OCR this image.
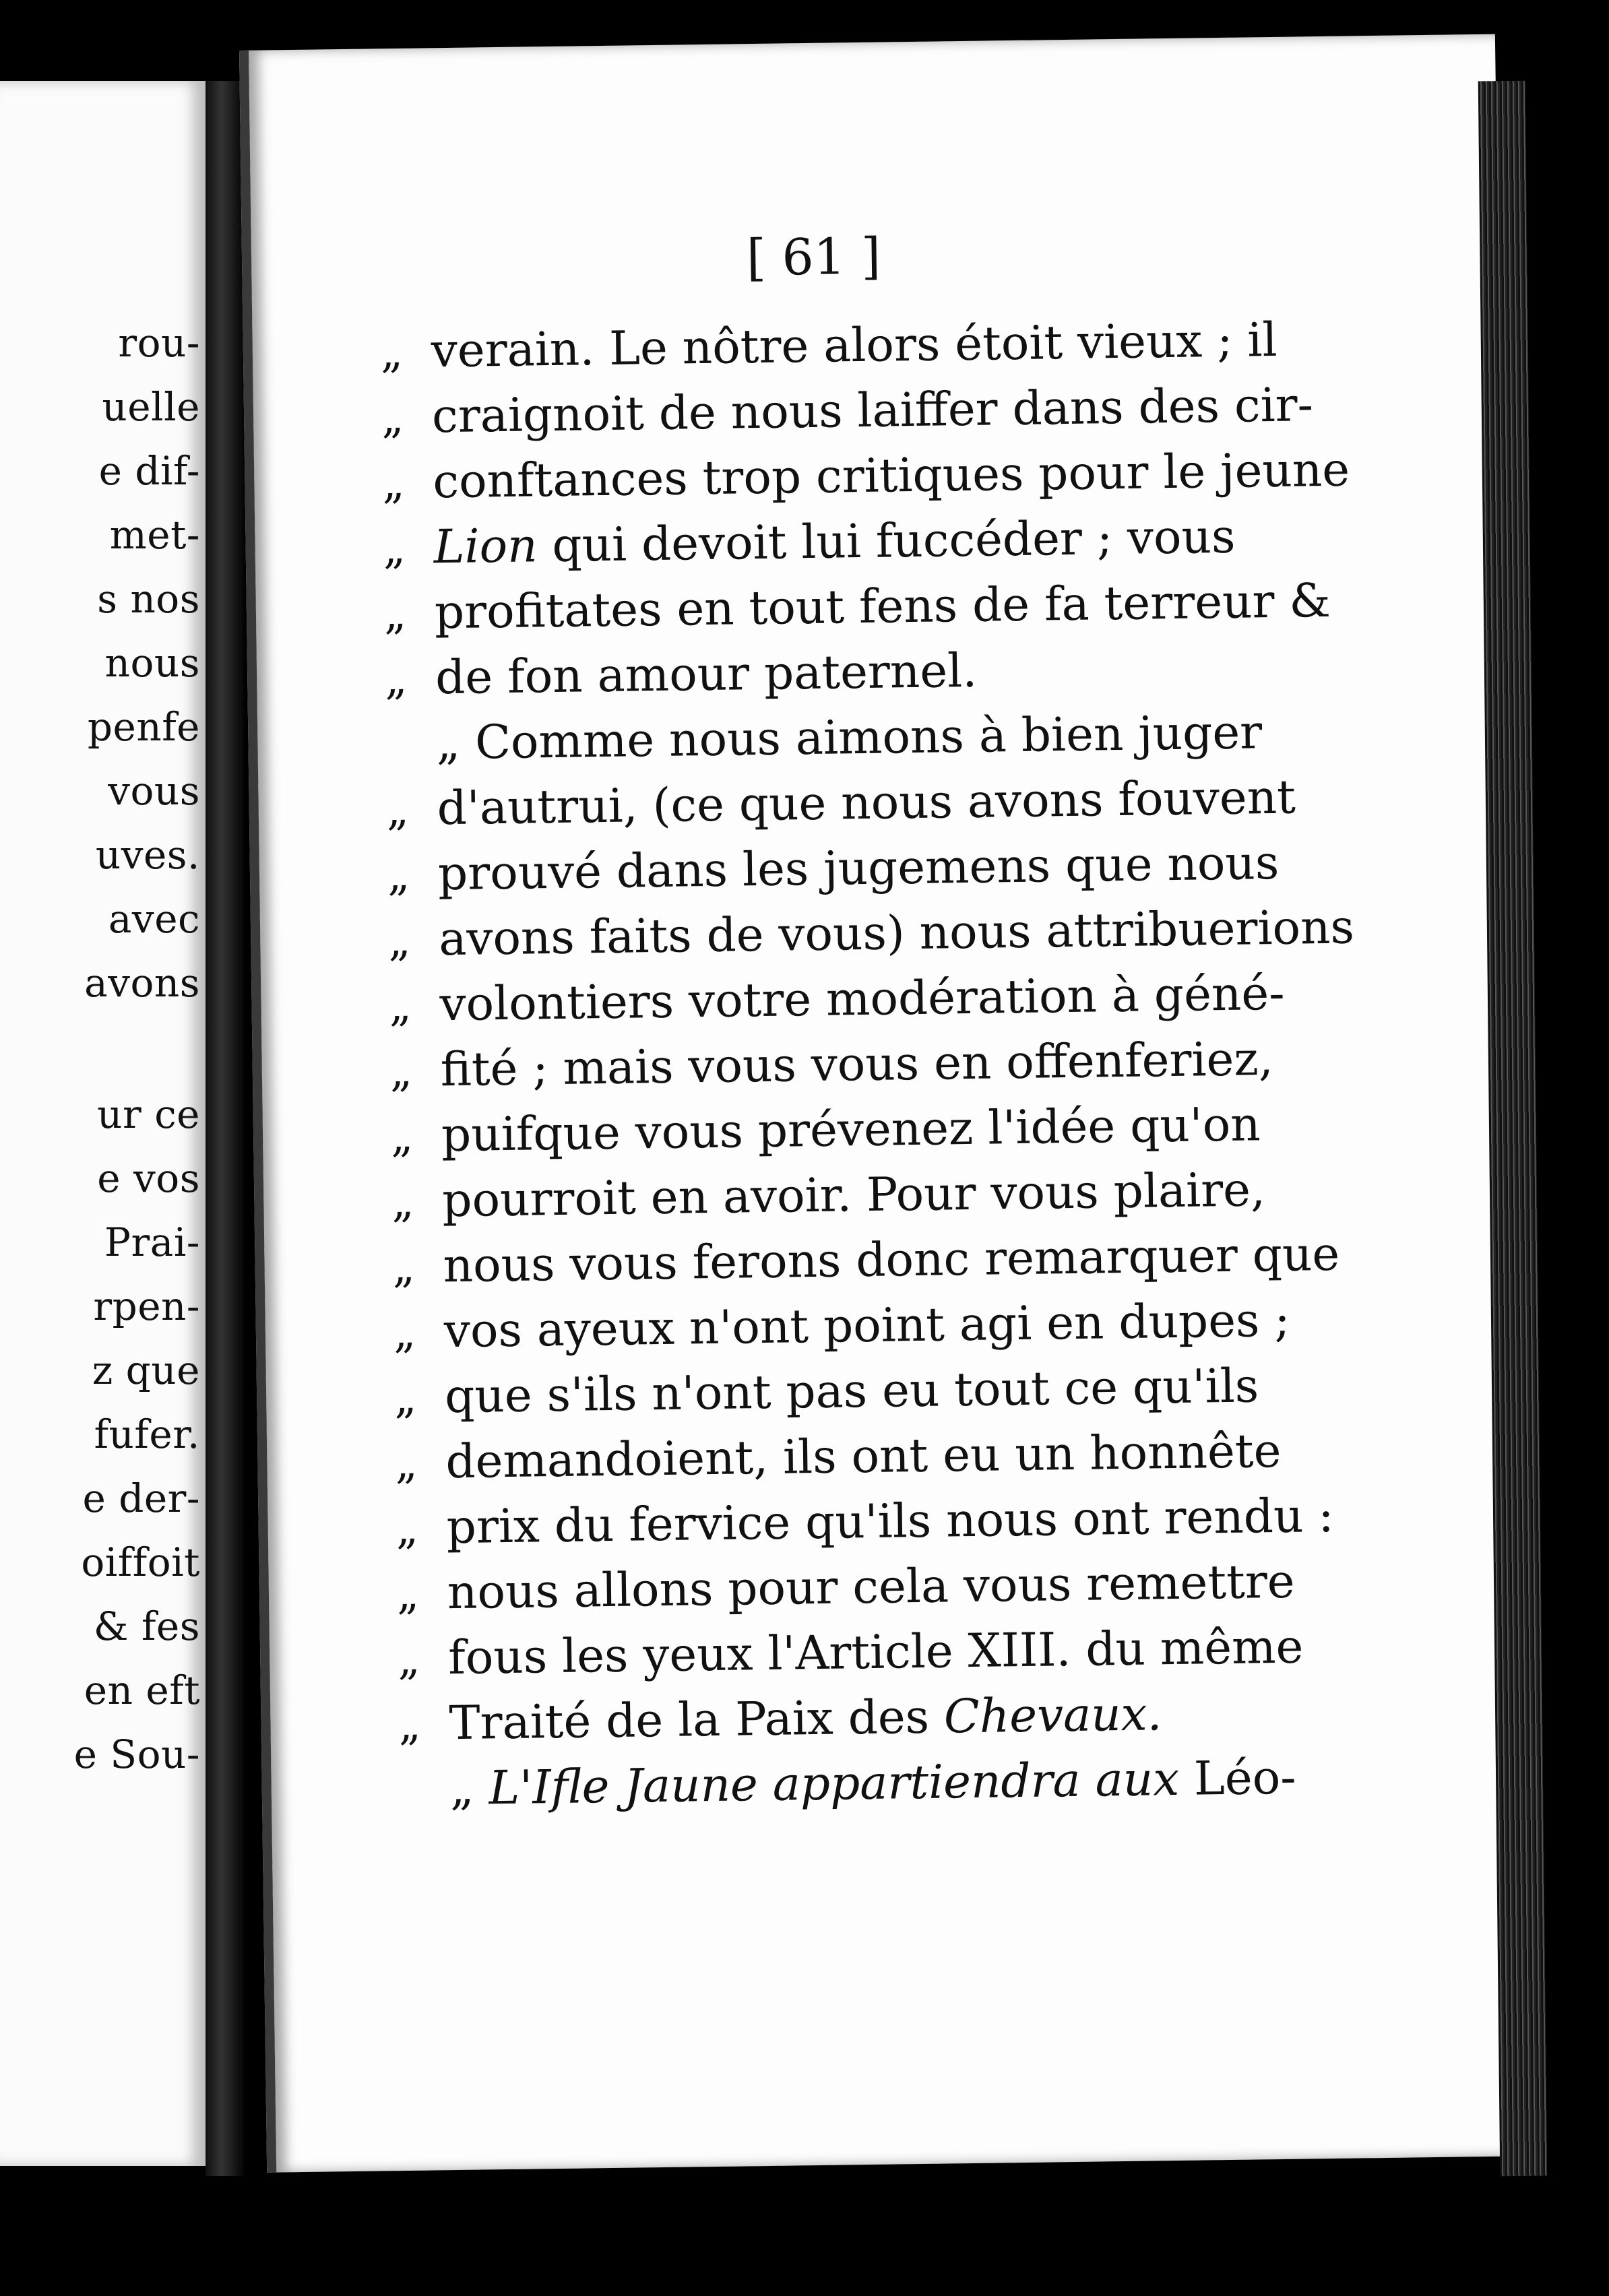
rou-
uelle
e dif-
met-
s nos
nous
penfe
vous
uves.
avec
avons
ur ce
e vos
Prai-
rpen-
z que
fufer.
e der-
oiffoit
& fes
en eft
e Sou-
[ 61 ]
„ verain. Le nôtre alors étoit vieux ; il
„ craignoit de nous laiffer dans des cir-
„ conftances trop critiques pour le jeune
„ Lion qui devoit lui fuccéder ; vous
„ profitates en tout fens de fa terreur &
„ de fon amour paternel.
„ Comme nous aimons à bien juger
„ d'autrui, (ce que nous avons fouvent
„ prouvé dans les jugemens que nous
„ avons faits de vous) nous attribuerions
„ volontiers votre modération à géné-
„ fité ; mais vous vous en offenferiez,
„ puifque vous prévenez l'idée qu'on
„ pourroit en avoir. Pour vous plaire,
„ nous vous ferons donc remarquer que
„ vos ayeux n'ont point agi en dupes ;
„ que s'ils n'ont pas eu tout ce qu'ils
„ demandoient, ils ont eu un honnête
„ prix du fervice qu'ils nous ont rendu :
„ nous allons pour cela vous remettre
„ fous les yeux l'Article XIII. du même
„ Traité de la Paix des Chevaux.
„ L'Ifle Jaune appartiendra aux Léo-
